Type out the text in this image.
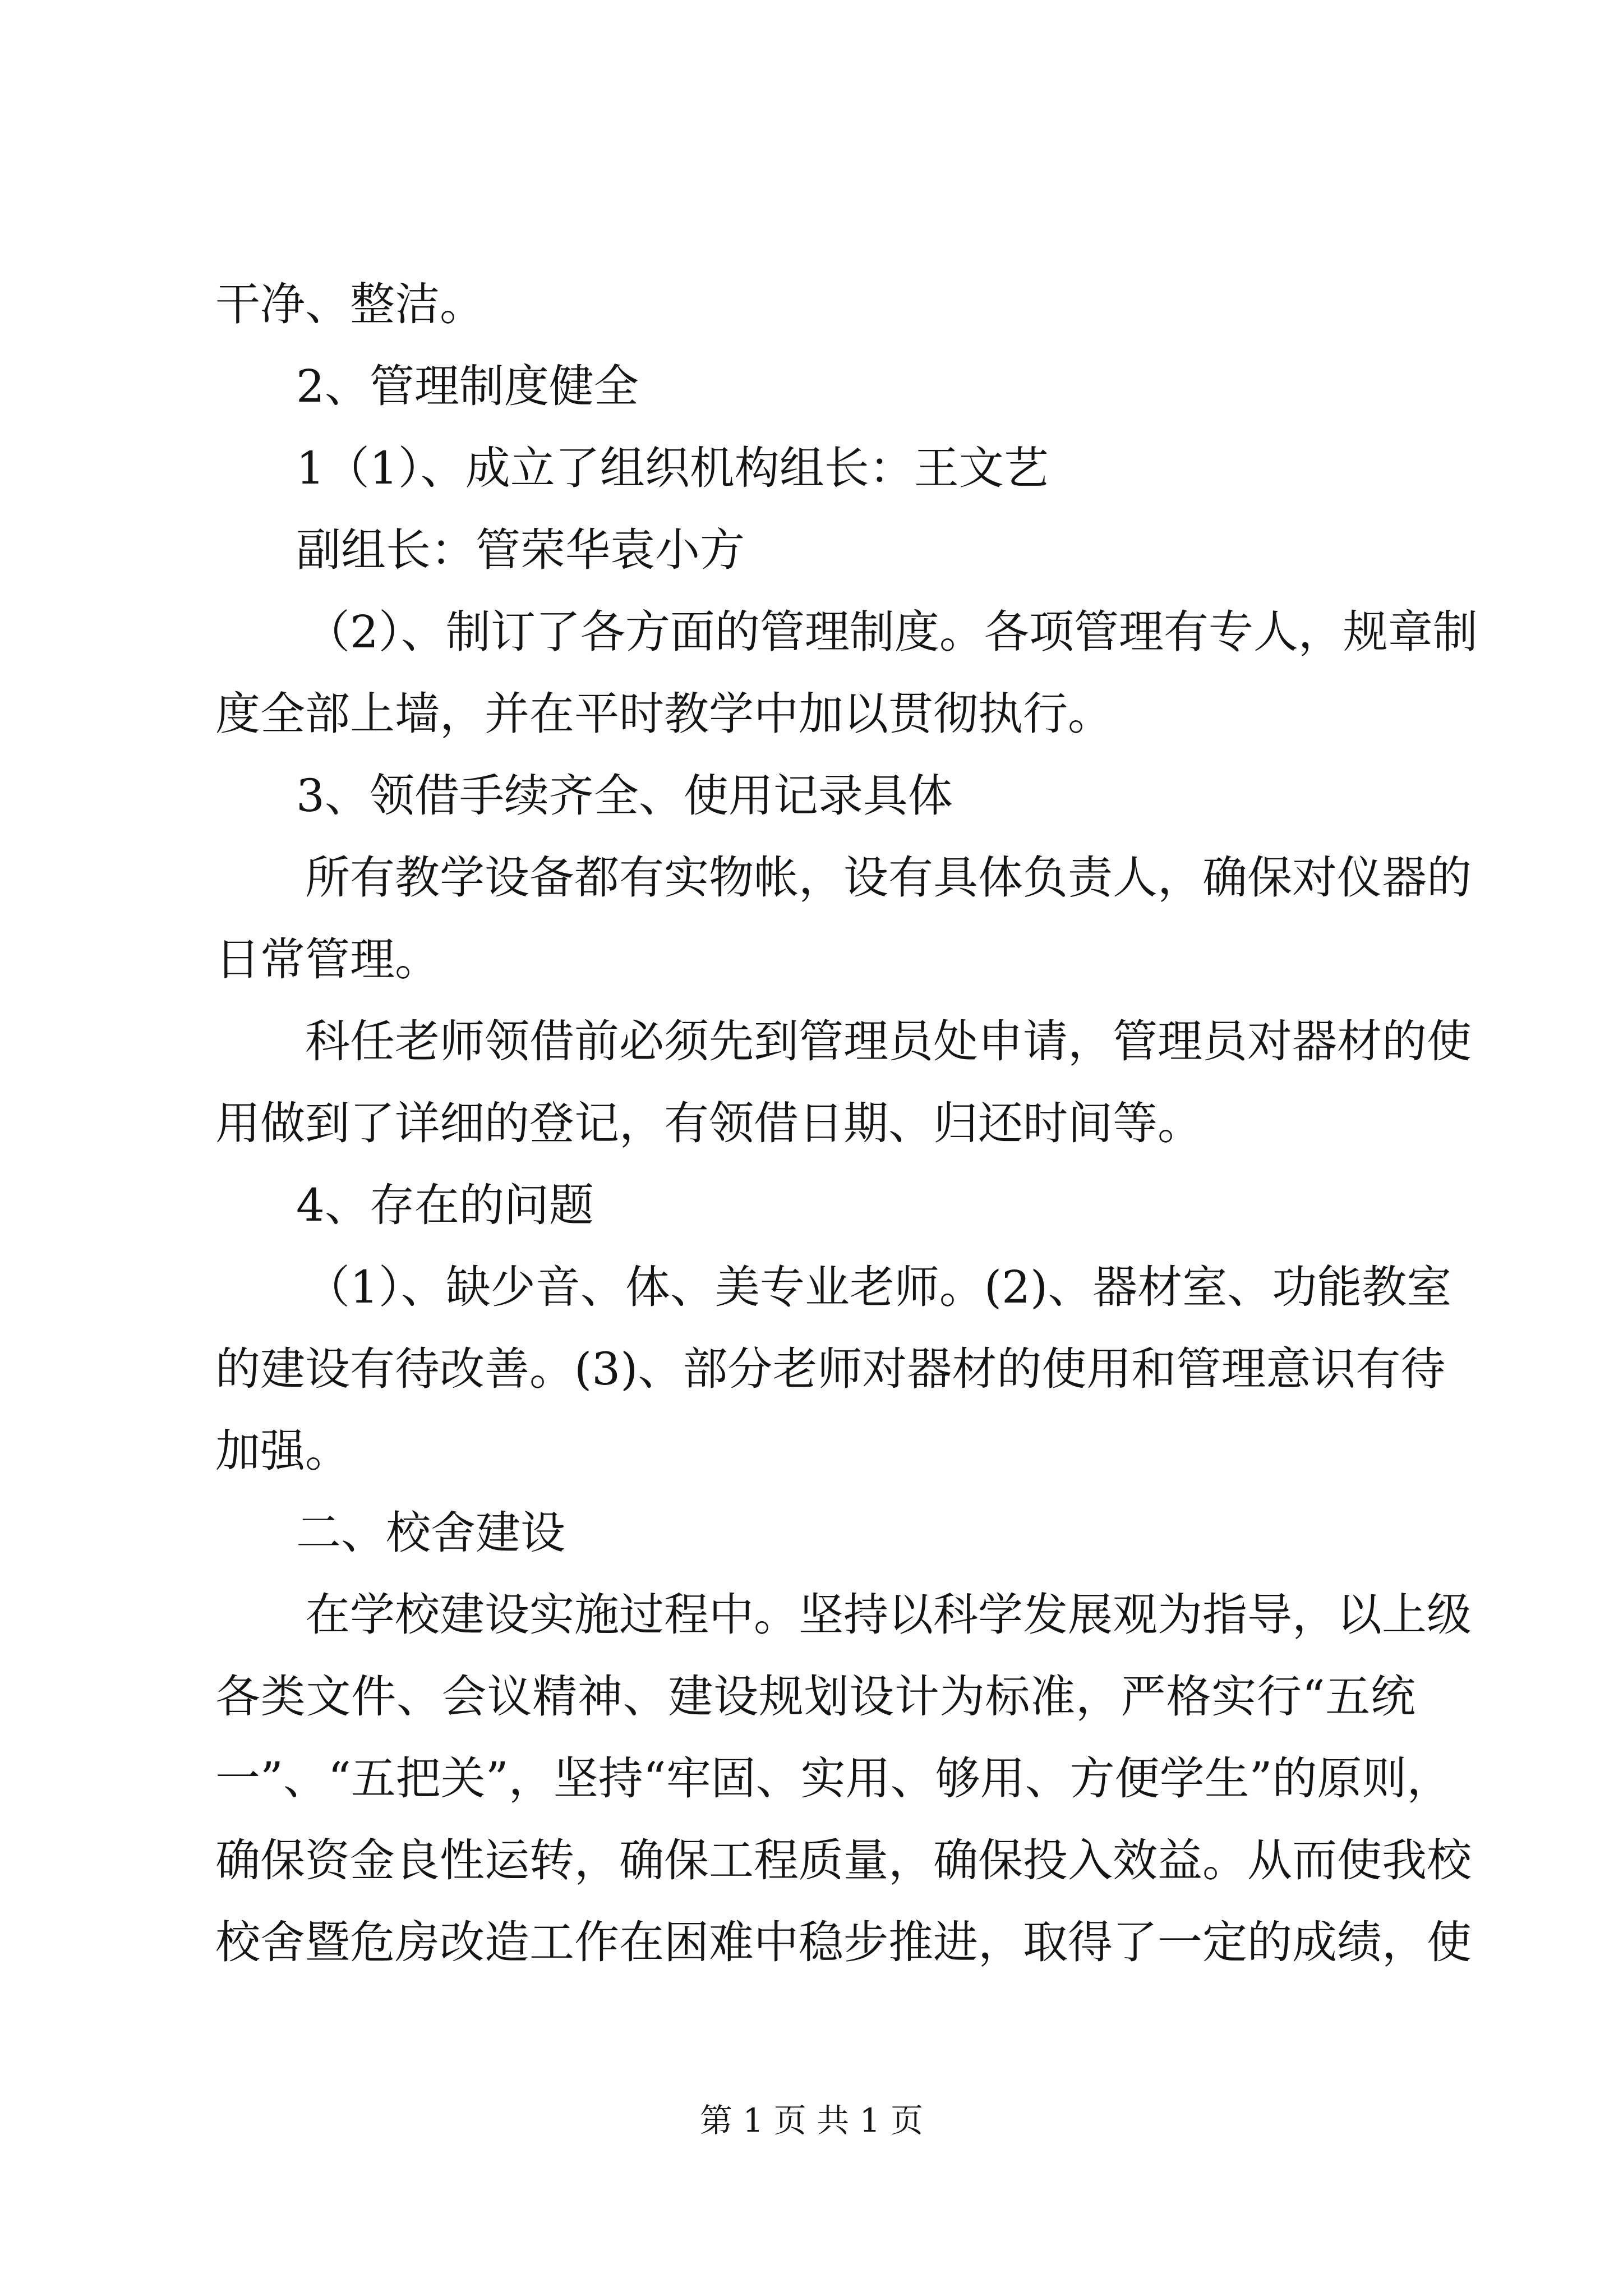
干净、整洁。
2、管理制度健全
1（1）、成立了组织机构组长：王文艺
副组长：管荣华袁小方
（2）、制订了各方面的管理制度。各项管理有专人，规章制
度全部上墙，并在平时教学中加以贯彻执行。
3、领借手续齐全、使用记录具体
所有教学设备都有实物帐，设有具体负责人，确保对仪器的
日常管理。
科任老师领借前必须先到管理员处申请，管理员对器材的使
用做到了详细的登记，有领借日期、归还时间等。
4、存在的问题
（1）、缺少音、体、美专业老师。(2)、器材室、功能教室
的建设有待改善。(3)、部分老师对器材的使用和管理意识有待
加强。
二、校舍建设
在学校建设实施过程中。坚持以科学发展观为指导，以上级
各类文件、会议精神、建设规划设计为标准，严格实行“五统
一”、“五把关”，坚持“牢固、实用、够用、方便学生”的原则，
确保资金良性运转，确保工程质量，确保投入效益。从而使我校
校舍暨危房改造工作在困难中稳步推进，取得了一定的成绩，使
第 1 页 共 1 页
